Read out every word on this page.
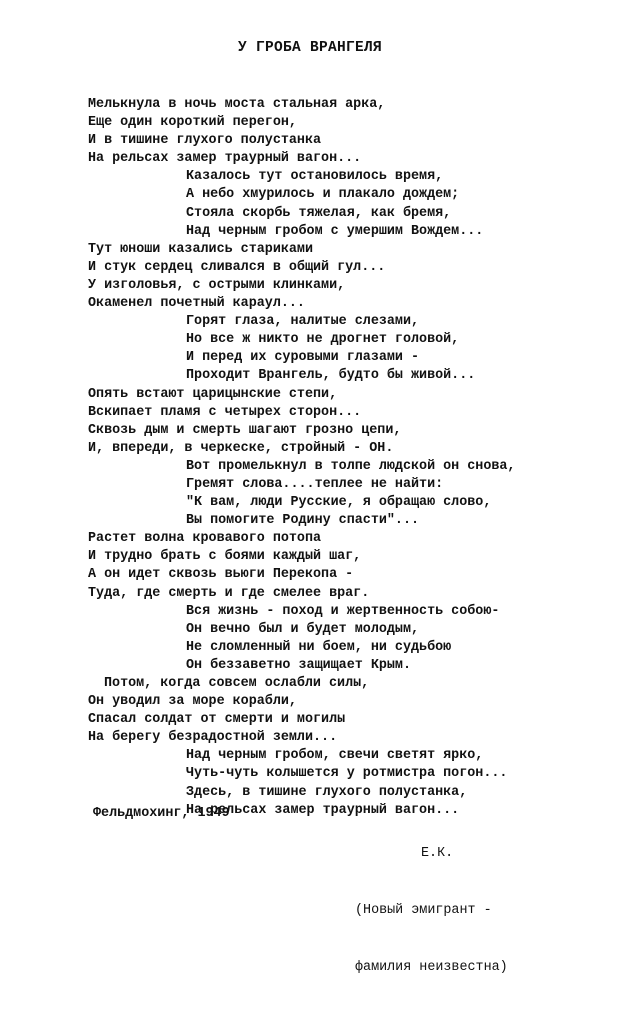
У ГРОБА ВРАНГЕЛЯ
Мелькнула в ночь моста стальная арка,
Еще один короткий перегон,
И в тишине глухого полустанка
На рельсах замер траурный вагон...
Казалось тут остановилось время,
А небо хмурилось и плакало дождем;
Стояла скорбь тяжелая, как бремя,
Над черным гробом с умершим Вождем...
Тут юноши казались стариками
И стук сердец сливался в общий гул...
У изголовья, с острыми клинками,
Окаменел почетный караул...
Горят глаза, налитые слезами,
Но все ж никто не дрогнет головой,
И перед их суровыми глазами -
Проходит Врангель, будто бы живой...
Опять встают царицынские степи,
Вскипает пламя с четырех сторон...
Сквозь дым и смерть шагают грозно цепи,
И, впереди, в черкеске, стройный - ОН.
Вот промелькнул в толпе людской он снова,
Гремят слова....теплее не найти:
"К вам, люди Русские, я обращаю слово,
Вы помогите Родину спасти"...
Растет волна кровавого потопа
И трудно брать с боями каждый шаг,
А он идет сквозь вьюги Перекопа -
Туда, где смерть и где смелее враг.
Вся жизнь - поход и жертвенность собою-
Он вечно был и будет молодым,
Не сломленный ни боем, ни судьбою
Он беззаветно защищает Крым.
Потом, когда совсем ослабли силы,
Он уводил за море корабли,
Спасал солдат от смерти и могилы
На берегу безрадостной земли...
Над черным гробом, свечи светят ярко,
Чуть-чуть колышется у ротмистра погон...
Здесь, в тишине глухого полустанка,
На рельсах замер траурный вагон...
Фельдмохинг, 1949

Е.К.

(Новый эмигрант -

фамилия неизвестна)
